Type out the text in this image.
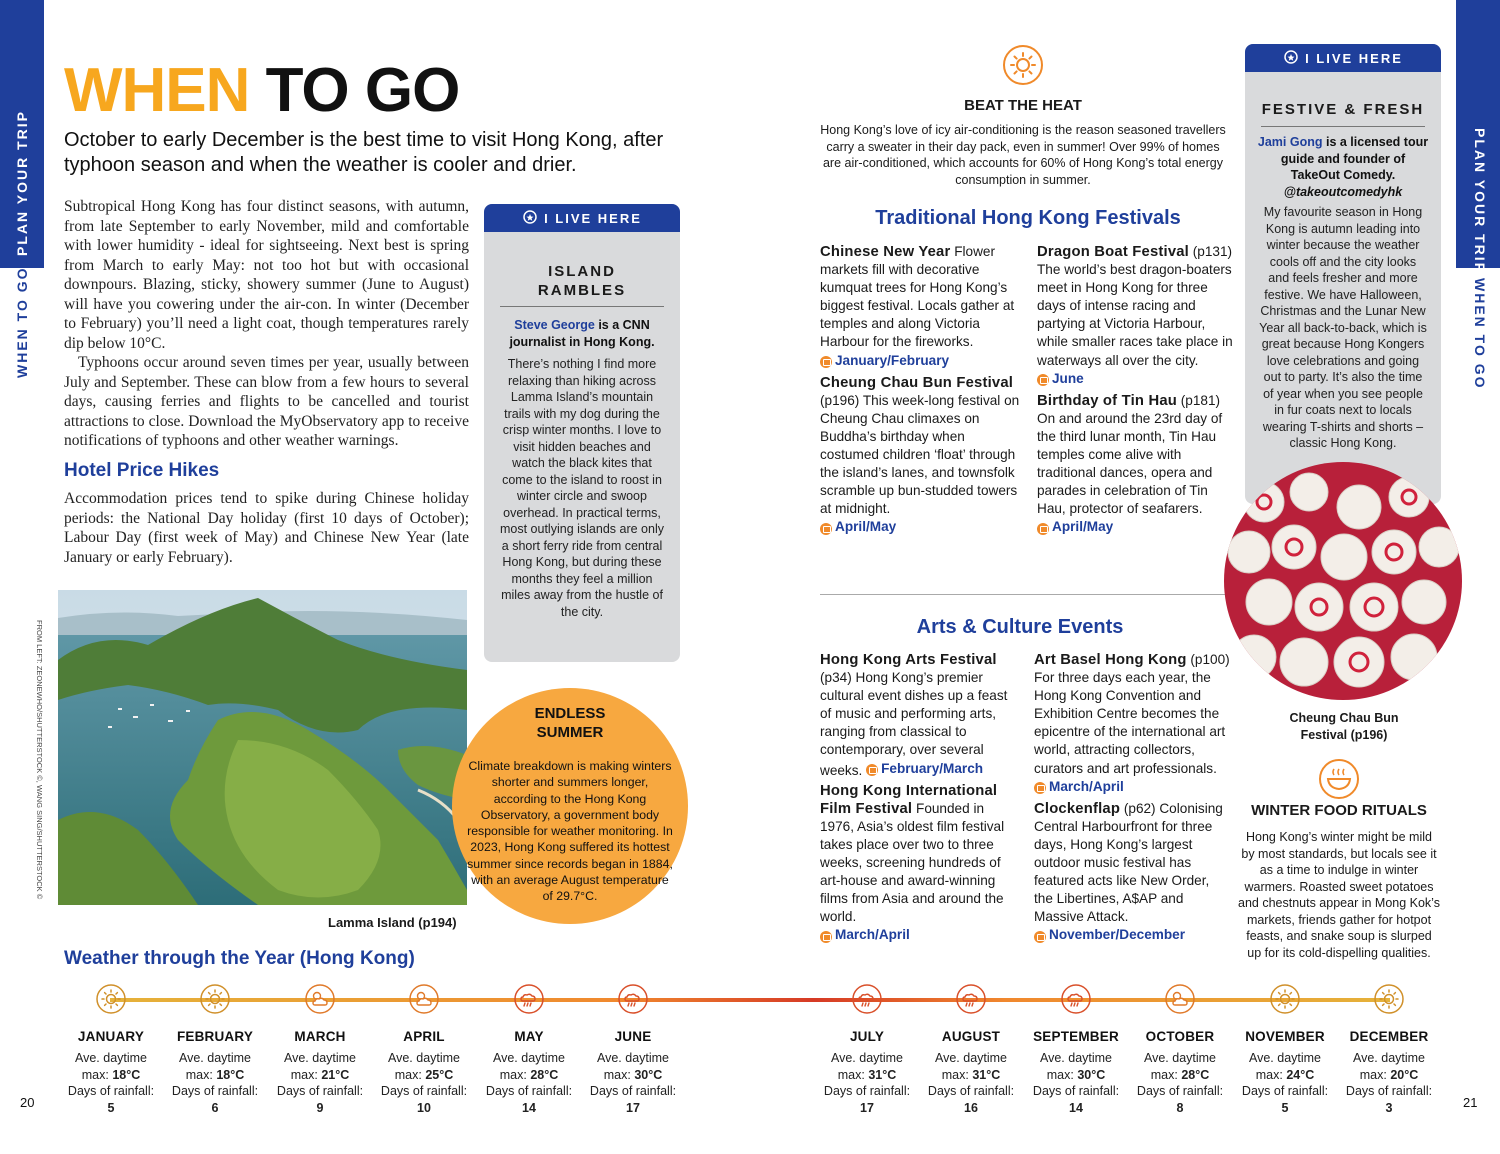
PLAN YOUR TRIP
WHEN TO GO
PLAN YOUR TRIP
WHEN TO GO
WHEN TO GO
October to early December is the best time to visit Hong Kong, after typhoon season and when the weather is cooler and drier.

Subtropical Hong Kong has four distinct seasons, with autumn, from late September to early November, mild and comfortable with lower humidity - ideal for sightseeing. Next best is spring from March to early May: not too hot but with occasional downpours. Blazing, sticky, showery summer (June to August) will have you cowering under the air-con. In winter (December to February) you’ll need a light coat, though temperatures rarely dip below 10°C.

Typhoons occur around seven times per year, usually between July and September. These can blow from a few hours to several days, causing ferries and flights to be cancelled and tourist attractions to close. Download the MyObservatory app to receive notifications of typhoons and other weather warnings.

Hotel Price Hikes
Accommodation prices tend to spike during Chinese holiday periods: the National Day holiday (first 10 days of October); Labour Day (first week of May) and Chinese New Year (late January or early February).
FROM LEFT: ZEONEWHO/SHUTTERSTOCK ©, WANG SING/SHUTTERSTOCK ©
Lamma Island (p194)
I LIVE HERE
ISLAND
RAMBLES
Steve George is a CNN journalist in Hong Kong.
There’s nothing I find more relaxing than hiking across Lamma Island’s mountain trails with my dog during the crisp winter months. I love to visit hidden beaches and watch the black kites that come to the island to roost in winter circle and swoop overhead. In practical terms, most outlying islands are only a short ferry ride from central Hong Kong, but during these months they feel a million miles away from the hustle of the city.
ENDLESS
SUMMER
Climate breakdown is making winters shorter and summers longer, according to the Hong Kong Observatory, a government body responsible for weather monitoring. In 2023, Hong Kong suffered its hottest summer since records began in 1884, with an average August temperature of 29.7°C.
BEAT THE HEAT
Hong Kong’s love of icy air-conditioning is the reason seasoned travellers carry a sweater in their day pack, even in summer! Over 99% of homes are air-conditioned, which accounts for 60% of Hong Kong’s total energy consumption in summer.
Traditional Hong Kong Festivals
Chinese New Year Flower markets fill with decorative kumquat trees for Hong Kong’s biggest festival. Locals gather at temples and along Victoria Harbour for the fireworks.

January/February
Cheung Chau Bun Festival (p196) This week-long festival on Cheung Chau climaxes on Buddha’s birthday when costumed children ‘float’ through the island’s lanes, and townsfolk scramble up bun-studded towers at midnight.

April/May
Dragon Boat Festival (p131) The world’s best dragon-boaters meet in Hong Kong for three days of intense racing and partying at Victoria Harbour, while smaller races take place in waterways all over the city.

June
Birthday of Tin Hau (p181) On and around the 23rd day of the third lunar month, Tin Hau temples come alive with traditional dances, opera and parades in celebration of Tin Hau, protector of seafarers.

April/May
Arts & Culture Events
Hong Kong Arts Festival (p34) Hong Kong’s premier cultural event dishes up a feast of music and performing arts, ranging from classical to contemporary, over several weeks. February/March
Hong Kong International Film Festival Founded in 1976, Asia’s oldest film festival takes place over two to three weeks, screening hundreds of art-house and award-winning films from Asia and around the world.

March/April
Art Basel Hong Kong (p100) For three days each year, the Hong Kong Convention and Exhibition Centre becomes the epicentre of the international art world, attracting collectors, curators and art professionals.

March/April
Clockenflap (p62) Colonising Central Harbourfront for three days, Hong Kong’s largest outdoor music festival has featured acts like New Order, the Libertines, A$AP and Massive Attack.

November/December
I LIVE HERE
FESTIVE & FRESH
Jami Gong is a licensed tour guide and founder of TakeOut Comedy.
@takeoutcomedyhk
My favourite season in Hong Kong is autumn leading into winter because the weather cools off and the city looks and feels fresher and more festive. We have Halloween, Christmas and the Lunar New Year all back-to-back, which is great because Hong Kongers love celebrations and going out to party. It’s also the time of year when you see people in fur coats next to locals wearing T-shirts and shorts – classic Hong Kong.
Cheung Chau Bun Festival (p196)
WINTER FOOD RITUALS
Hong Kong’s winter might be mild by most standards, but locals see it as a time to indulge in winter warmers. Roasted sweet potatoes and chestnuts appear in Mong Kok’s markets, friends gather for hotpot feasts, and snake soup is slurped up for its cold-dispelling qualities.
Weather through the Year (Hong Kong)
JANUARY
Ave. daytime
max: 18°C
Days of rainfall:
5
FEBRUARY
Ave. daytime
max: 18°C
Days of rainfall:
6
MARCH
Ave. daytime
max: 21°C
Days of rainfall:
9
APRIL
Ave. daytime
max: 25°C
Days of rainfall:
10
MAY
Ave. daytime
max: 28°C
Days of rainfall:
14
JUNE
Ave. daytime
max: 30°C
Days of rainfall:
17
JULY
Ave. daytime
max: 31°C
Days of rainfall:
17
AUGUST
Ave. daytime
max: 31°C
Days of rainfall:
16
SEPTEMBER
Ave. daytime
max: 30°C
Days of rainfall:
14
OCTOBER
Ave. daytime
max: 28°C
Days of rainfall:
8
NOVEMBER
Ave. daytime
max: 24°C
Days of rainfall:
5
DECEMBER
Ave. daytime
max: 20°C
Days of rainfall:
3
20	21
